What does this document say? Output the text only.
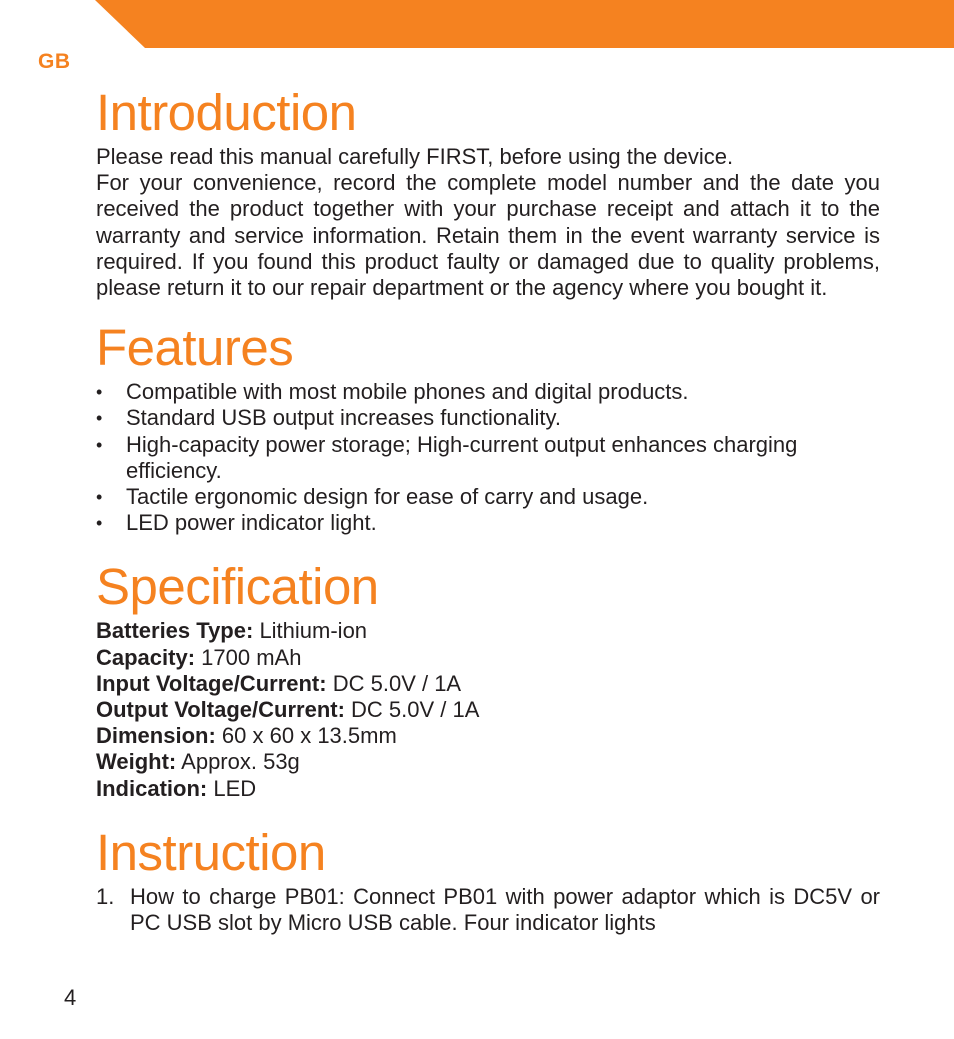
GB
Introduction

Please read this manual carefully FIRST, before using the device.

For your convenience, record the complete model number and the date you received the product together with your purchase receipt and attach it to the warranty and service information. Retain them in the event warranty service is required. If you found this product faulty or damaged due to quality problems, please return it to our repair department or the agency where you bought it.

Features
• Compatible with most mobile phones and digital products.
• Standard USB output increases functionality.
• High-capacity power storage; High-current output enhances charging efficiency.
• Tactile ergonomic design for ease of carry and usage.
• LED power indicator light.
Specification
Batteries Type: Lithium-ion
Capacity: 1700 mAh
Input Voltage/Current: DC 5.0V / 1A
Output Voltage/Current: DC 5.0V / 1A
Dimension: 60 x 60 x 13.5mm
Weight: Approx. 53g
Indication: LED
Instruction
1. How to charge PB01: Connect PB01 with power adaptor which is DC5V or PC USB slot by Micro USB cable. Four indicator lights
4
